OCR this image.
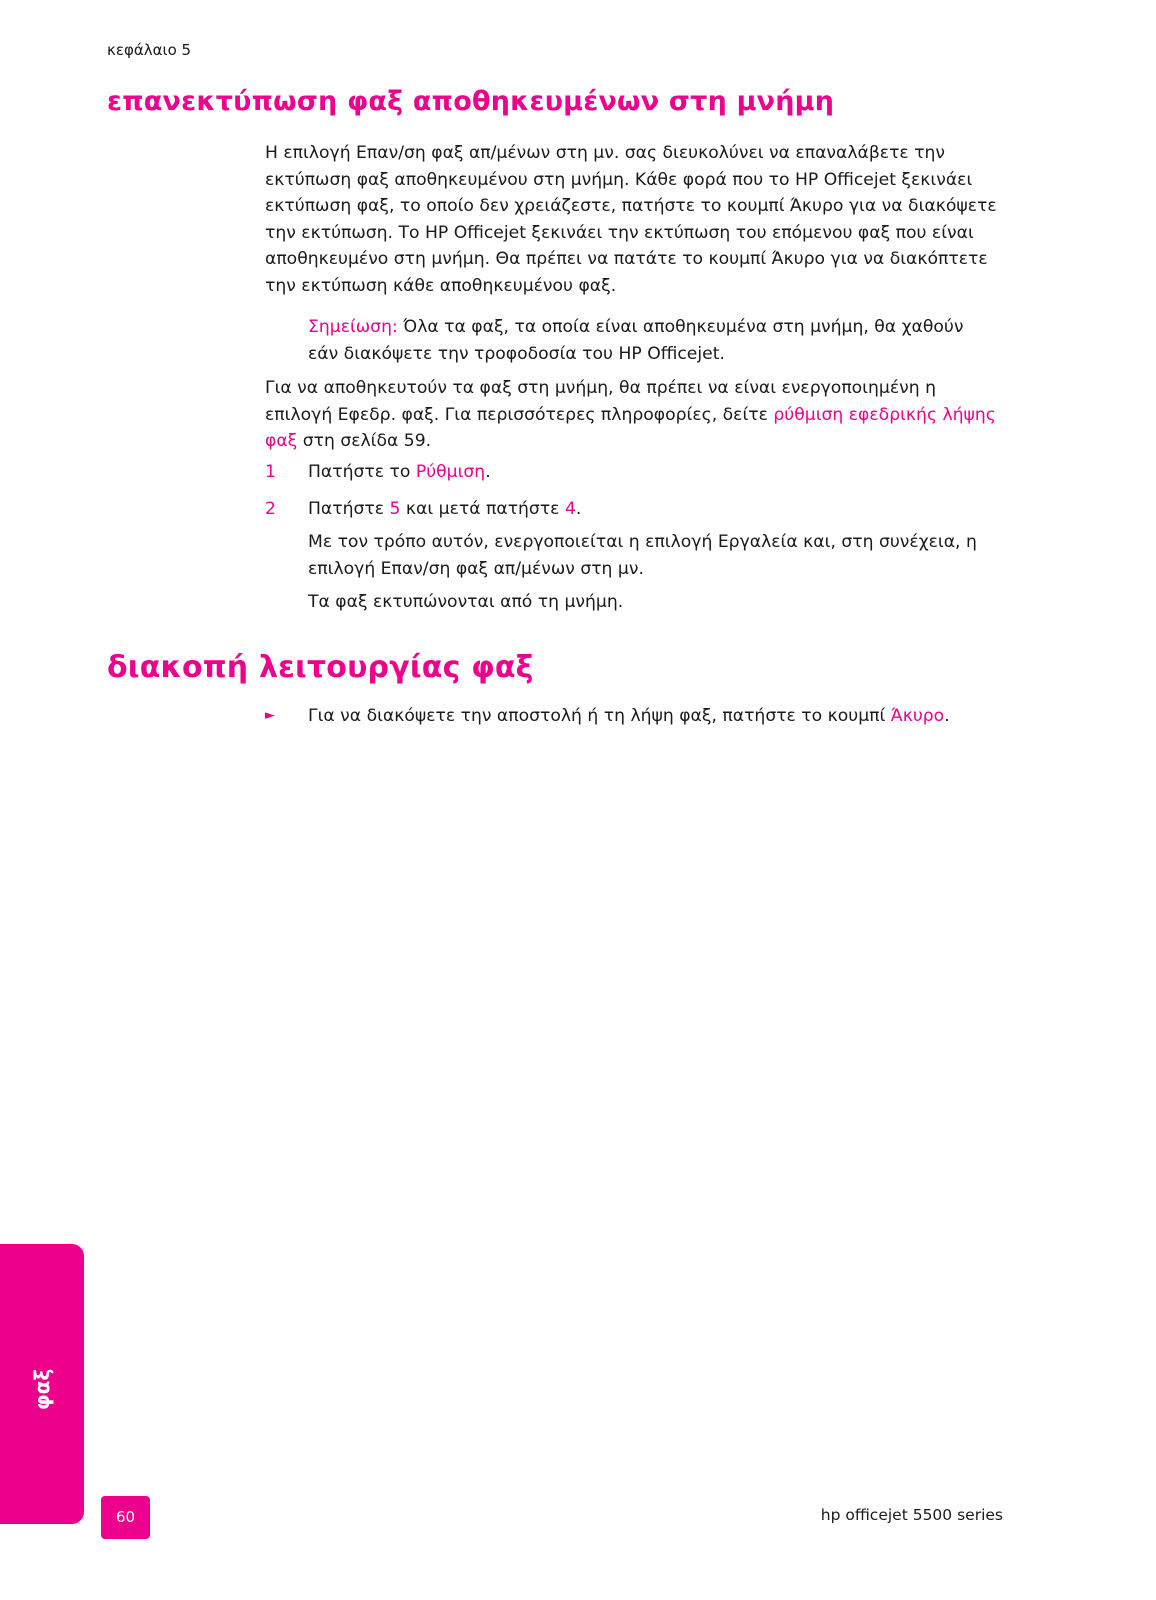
κεφάλαιο 5
επανεκτύπωση φαξ αποθηκευμένων στη μνήμη

Η επιλογή Επαν/ση φαξ απ/μένων στη μν. σας διευκολύνει να επαναλάβετε την εκτύπωση φαξ αποθηκευμένου στη μνήμη. Κάθε φορά που το HP Officejet ξεκινάει εκτύπωση φαξ, το οποίο δεν χρειάζεστε, πατήστε το κουμπί Άκυρο για να διακόψετε την εκτύπωση. Το HP Officejet ξεκινάει την εκτύπωση του επόμενου φαξ που είναι αποθηκευμένο στη μνήμη. Θα πρέπει να πατάτε το κουμπί Άκυρο για να διακόπτετε την εκτύπωση κάθε αποθηκευμένου φαξ.

Σημείωση: Όλα τα φαξ, τα οποία είναι αποθηκευμένα στη μνήμη, θα χαθούν εάν διακόψετε την τροφοδοσία του HP Officejet.

Για να αποθηκευτούν τα φαξ στη μνήμη, θα πρέπει να είναι ενεργοποιημένη η επιλογή Εφεδρ. φαξ. Για περισσότερες πληροφορίες, δείτε ρύθμιση εφεδρικής λήψης φαξ στη σελίδα 59.

1 Πατήστε το Ρύθμιση.
2 Πατήστε 5 και μετά πατήστε 4.

Με τον τρόπο αυτόν, ενεργοποιείται η επιλογή Εργαλεία και, στη συνέχεια, η επιλογή Επαν/ση φαξ απ/μένων στη μν.

Τα φαξ εκτυπώνονται από τη μνήμη.

διακοπή λειτουργίας φαξ
► Για να διακόψετε την αποστολή ή τη λήψη φαξ, πατήστε το κουμπί Άκυρο.
φαξ
60	hp officejet 5500 series
